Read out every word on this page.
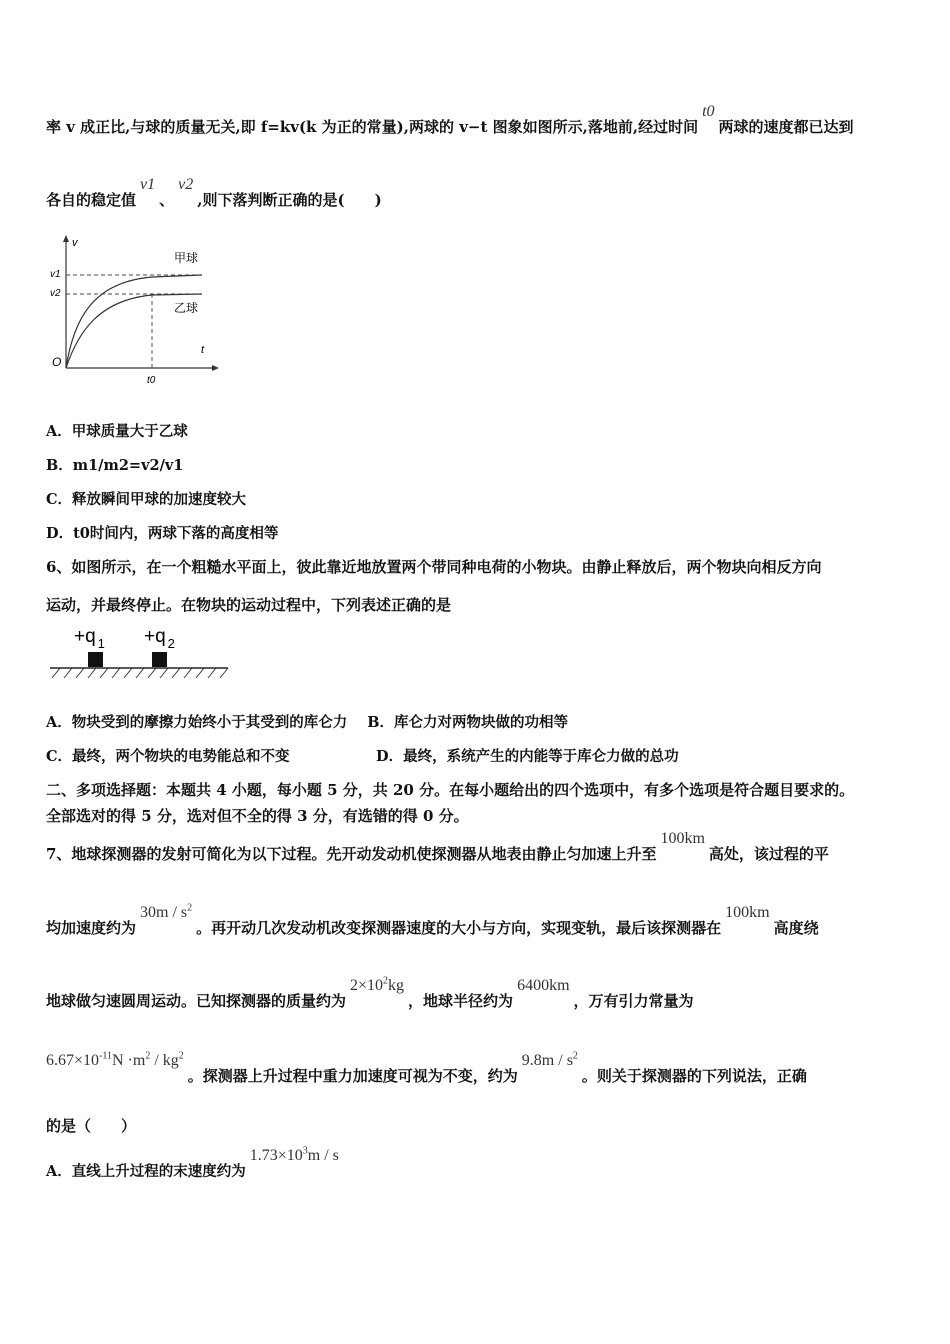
率 v 成正比,与球的质量无关,即 f=kv(k 为正的常量),两球的 v−t 图象如图所示,落地前,经过时间t0两球的速度都已达到
各自的稳定值v1、v2,则下落判断正确的是(　　)
v
t
O
v1
v2
甲球
乙球
t0
A．甲球质量大于乙球
B．m1/m2=v2/v1
C．释放瞬间甲球的加速度较大
D．t0时间内，两球下落的高度相等
6、如图所示，在一个粗糙水平面上，彼此靠近地放置两个带同种电荷的小物块。由静止释放后，两个物块向相反方向
运动，并最终停止。在物块的运动过程中，下列表述正确的是
+q $_1$ +q $_2$
A．物块受到的摩擦力始终小于其受到的库仑力 B．库仑力对两物块做的功相等
C．最终，两个物块的电势能总和不变	D．最终，系统产生的内能等于库仑力做的总功
二、多项选择题：本题共 4 小题，每小题 5 分，共 20 分。在每小题给出的四个选项中，有多个选项是符合题目要求的。
全部选对的得 5 分，选对但不全的得 3 分，有选错的得 0 分。
7、地球探测器的发射可简化为以下过程。先开动发动机使探测器从地表由静止匀加速上升至100km高处，该过程的平
均加速度约为$30m / s^2$。再开动几次发动机改变探测器速度的大小与方向，实现变轨，最后该探测器在100km高度绕
地球做匀速圆周运动。已知探测器的质量约为$2\times 10^2kg$，地球半径约为6400km，万有引力常量为
$6.67\times 10^{-11}N \cdot m^2 / kg^2$。探测器上升过程中重力加速度可视为不变，约为$9.8m / s^2$。则关于探测器的下列说法，正确
的是（　　）
A．直线上升过程的末速度约为$1.73\times 10^3m / s$
